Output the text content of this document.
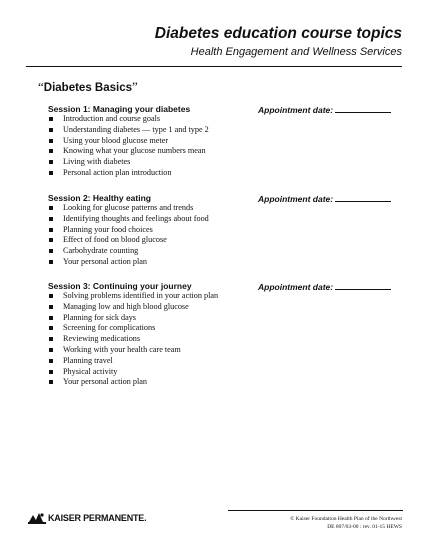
Diabetes education course topics
Health Engagement and Wellness Services
“Diabetes Basics”
Session 1: Managing your diabetes	Appointment date:
Introduction and course goals
Understanding diabetes — type 1 and type 2
Using your blood glucose meter
Knowing what your glucose numbers mean
Living with diabetes
Personal action plan introduction
Session 2: Healthy eating	Appointment date:
Looking for glucose patterns and trends
Identifying thoughts and feelings about food
Planning your food choices
Effect of food on blood glucose
Carbohydrate counting
Your personal action plan
Session 3: Continuing your journey	Appointment date:
Solving problems identified in your action plan
Managing low and high blood glucose
Planning for sick days
Screening for complications
Reviewing medications
Working with your health care team
Planning travel
Physical activity
Your personal action plan
KAISER PERMANENTE.	© Kaiser Foundation Health Plan of the Northwest
DE 807/03-00 : rev. 01-15 HEWS
